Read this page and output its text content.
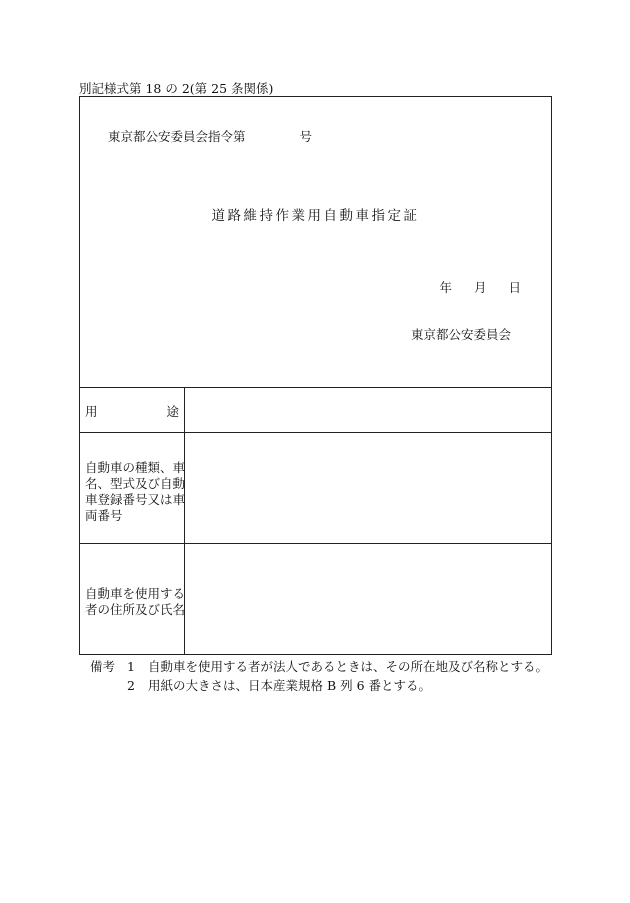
別記様式第 18 の 2(第 25 条関係)
東京都公安委員会指令第	号
道路維持作業用自動車指定証
年 月 日
東京都公安委員会
用	途
自動車の種類、車
名、型式及び自動
車登録番号又は車
両番号
自動車を使用する
者の住所及び氏名
備考 1	自動車を使用する者が法人であるときは、その所在地及び名称とする。
2	用紙の大きさは、日本産業規格 B 列 6 番とする。
